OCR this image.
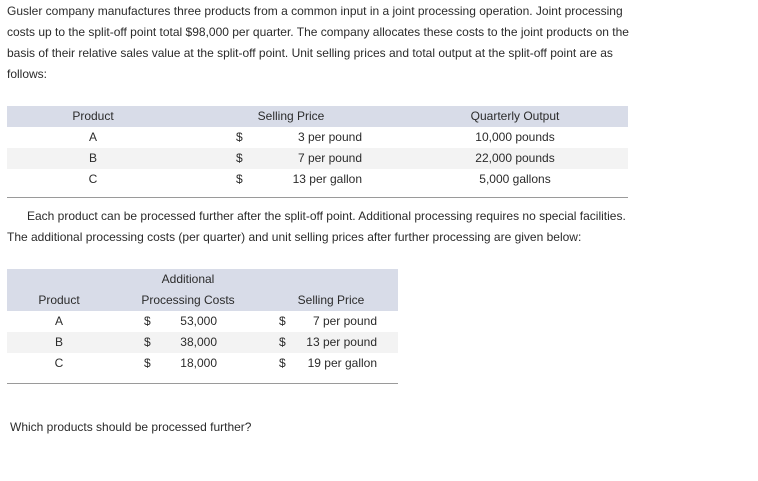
Gusler company manufactures three products from a common input in a joint processing operation. Joint processing costs up to the split-off point total $98,000 per quarter. The company allocates these costs to the joint products on the basis of their relative sales value at the split-off point. Unit selling prices and total output at the split-off point are as follows:

Product	Selling Price	Quarterly Output
A	$	3 per pound	10,000 pounds
B	$	7 per pound	22,000 pounds
C	$	13 per gallon	5,000 gallons

Each product can be processed further after the split-off point. Additional processing requires no special facilities. The additional processing costs (per quarter) and unit selling prices after further processing are given below:

Additional
Product	Processing Costs	Selling Price
A	$	53,000	$	7 per pound
B	$	38,000	$	13 per pound
C	$	18,000	$	19 per gallon

Which products should be processed further?
